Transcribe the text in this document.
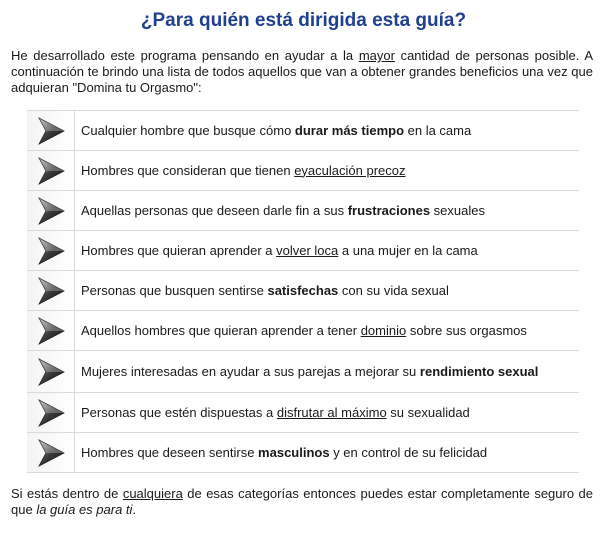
¿Para quién está dirigida esta guía?

He desarrollado este programa pensando en ayudar a la mayor cantidad de personas posible. A continuación te brindo una lista de todos aquellos que van a obtener grandes beneficios una vez que adquieran "Domina tu Orgasmo":

Cualquier hombre que busque cómo durar más tiempo en la cama
Hombres que consideran que tienen eyaculación precoz
Aquellas personas que deseen darle fin a sus frustraciones sexuales
Hombres que quieran aprender a volver loca a una mujer en la cama
Personas que busquen sentirse satisfechas con su vida sexual
Aquellos hombres que quieran aprender a tener dominio sobre sus orgasmos
Mujeres interesadas en ayudar a sus parejas a mejorar su rendimiento sexual
Personas que estén dispuestas a disfrutar al máximo su sexualidad
Hombres que deseen sentirse masculinos y en control de su felicidad

Si estás dentro de cualquiera de esas categorías entonces puedes estar completamente seguro de que la guía es para ti.
